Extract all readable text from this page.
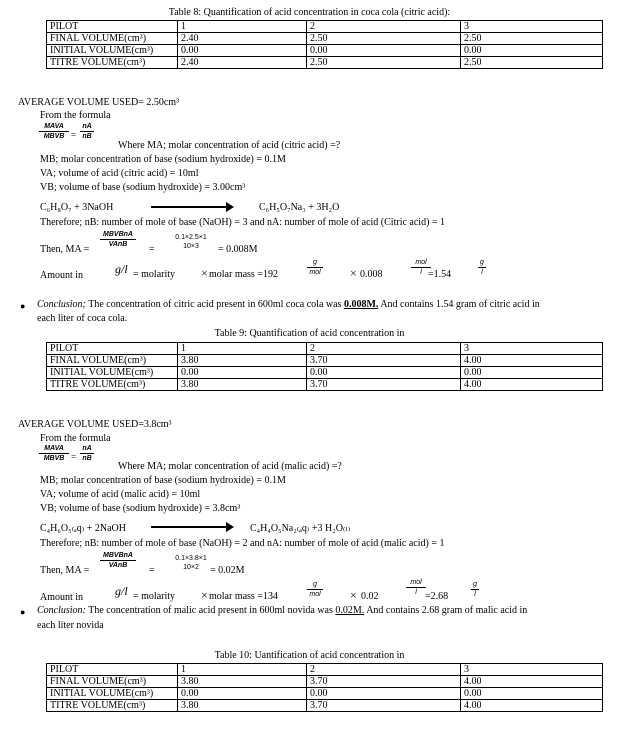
Table 8: Quantification of acid concentration in coca cola (citric acid):
PILOT	1	2	3
FINAL VOLUME(cm³)	2.40	2.50	2.50
INITIAL VOLUME(cm³)	0.00	0.00	0.00
TITRE VOLUME(cm³)	2.40	2.50	2.50
AVERAGE VOLUME USED= 2.50cm³
From the formula
MAVA
MBVB = $\frac{nA}{nB}$
Where MA; molar concentration of acid (citric acid) =?
MB; molar concentration of base (sodium hydroxide) = 0.1M
VA; volume of acid (citric acid) = 10ml
VB; volume of base (sodium hydroxide) = 3.00cm³
C₆H₈O₇ + 3NaOH	C₆H₅O₇Na₃ + 3H₂O
Therefore; nB: number of mole of base (NaOH) = 3 and nA: number of mole of acid (Citric acid) = 1
Then, MA =
MBVBnA
VAnB	=
0.1×2.5×1
10×3	= 0.008M
Amount in	g/l = molarity × molar mass =192
g
mol × 0.008
mol
l =1.54	$\frac{g}{l}$
● Conclusion; The concentration of citric acid present in 600ml coca cola was 0.008M. And contains 1.54 gram of citric acid in
each liter of coca cola.
Table 9: Quantification of acid concentration in
PILOT	1	2	3
FINAL VOLUME(cm³)	3.80	3.70	4.00
INITIAL VOLUME(cm³)	0.00	0.00	0.00
TITRE VOLUME(cm³)	3.80	3.70	4.00
AVERAGE VOLUME USED=3.8cm³
From the formula
MAVA
MBVB = $\frac{nA}{nB}$
Where MA; molar concentration of acid (malic acid) =?
MB; molar concentration of base (sodium hydroxide) = 0.1M
VA; volume of acid (malic acid) = 10ml
VB; volume of base (sodium hydroxide) = 3.8cm³
C₄H₆O₅₍ₐq₎ + 2NaOH	C₄H₄O₅Na₂₍ₐq₎ +3 H₂O₍ₗ₎
Therefore; nB: number of mole of base (NaOH) = 2 and nA: number of mole of acid (malic acid) = 1
Then, MA =
MBVBnA
VAnB	=
0.1×3.8×1
10×2	= 0.02M
Amount in	g/l = molarity × molar mass =134
g
mol × 0.02
mol
l =2.68	$\frac{g}{l}$
● Conclusion: The concentration of malic acid present in 600ml novida was 0.02M. And contains 2.68 gram of malic acid in
each liter novida
Table 10: Uantification of acid concentration in
PILOT	1	2	3
FINAL VOLUME(cm³)	3.80	3.70	4.00
INITIAL VOLUME(cm³)	0.00	0.00	0.00
TITRE VOLUME(cm³)	3.80	3.70	4.00
